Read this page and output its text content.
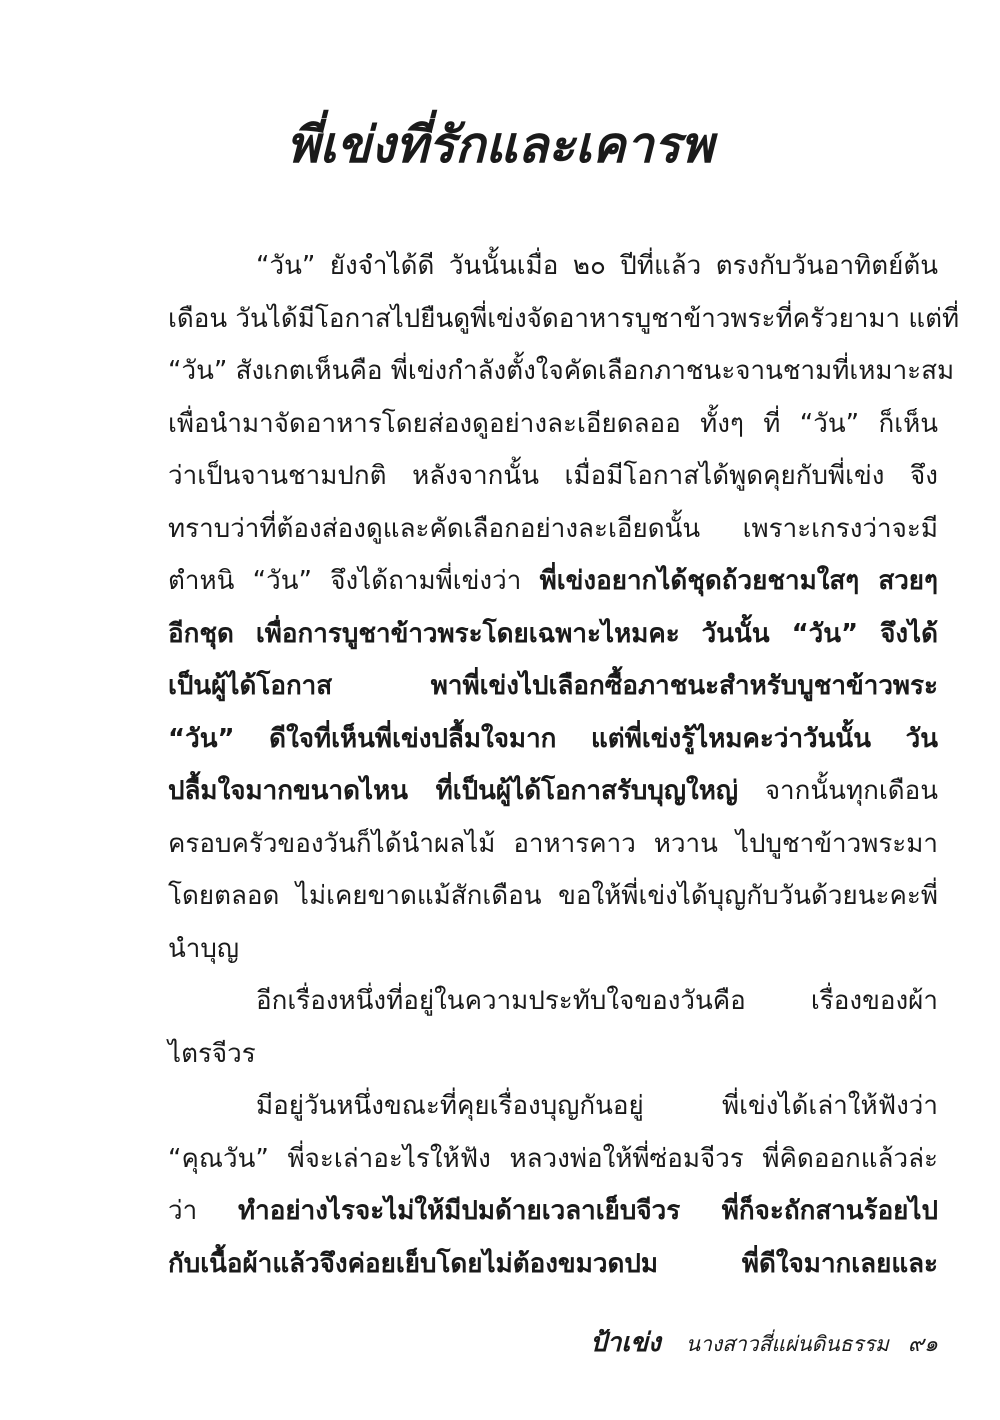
พี่เข่งที่รักและเคารพ
“วัน” ยังจำได้ดี วันนั้นเมื่อ ๒๐ ปีที่แล้ว ตรงกับวันอาทิตย์ต้น
เดือน วันได้มีโอกาสไปยืนดูพี่เข่งจัดอาหารบูชาข้าวพระที่ครัวยามา แต่ที่
“วัน” สังเกตเห็นคือ พี่เข่งกำลังตั้งใจคัดเลือกภาชนะจานชามที่เหมาะสม
เพื่อนำมาจัดอาหารโดยส่องดูอย่างละเอียดลออ ทั้งๆ ที่ “วัน” ก็เห็น
ว่าเป็นจานชามปกติ หลังจากนั้น เมื่อมีโอกาสได้พูดคุยกับพี่เข่ง จึง
ทราบว่าที่ต้องส่องดูและคัดเลือกอย่างละเอียดนั้น เพราะเกรงว่าจะมี
ตำหนิ “วัน” จึงได้ถามพี่เข่งว่า พี่เข่งอยากได้ชุดถ้วยชามใสๆ สวยๆ
อีกชุด เพื่อการบูชาข้าวพระโดยเฉพาะไหมคะ วันนั้น “วัน” จึงได้
เป็นผู้ได้โอกาส พาพี่เข่งไปเลือกซื้อภาชนะสำหรับบูชาข้าวพระ
“วัน” ดีใจที่เห็นพี่เข่งปลื้มใจมาก แต่พี่เข่งรู้ไหมคะว่าวันนั้น วัน
ปลื้มใจมากขนาดไหน ที่เป็นผู้ได้โอกาสรับบุญใหญ่ จากนั้นทุกเดือน
ครอบครัวของวันก็ได้นำผลไม้ อาหารคาว หวาน ไปบูชาข้าวพระมา
โดยตลอด ไม่เคยขาดแม้สักเดือน ขอให้พี่เข่งได้บุญกับวันด้วยนะคะพี่
นำบุญ
อีกเรื่องหนึ่งที่อยู่ในความประทับใจของวันคือ เรื่องของผ้า
ไตรจีวร
มีอยู่วันหนึ่งขณะที่คุยเรื่องบุญกันอยู่ พี่เข่งได้เล่าให้ฟังว่า
“คุณวัน” พี่จะเล่าอะไรให้ฟัง หลวงพ่อให้พี่ซ่อมจีวร พี่คิดออกแล้วล่ะ
ว่า ทำอย่างไรจะไม่ให้มีปมด้ายเวลาเย็บจีวร พี่ก็จะถักสานร้อยไป
กับเนื้อผ้าแล้วจึงค่อยเย็บโดยไม่ต้องขมวดปม พี่ดีใจมากเลยและ
ป้าเข่ง นางสาวสี่แผ่นดินธรรม ๙๑
